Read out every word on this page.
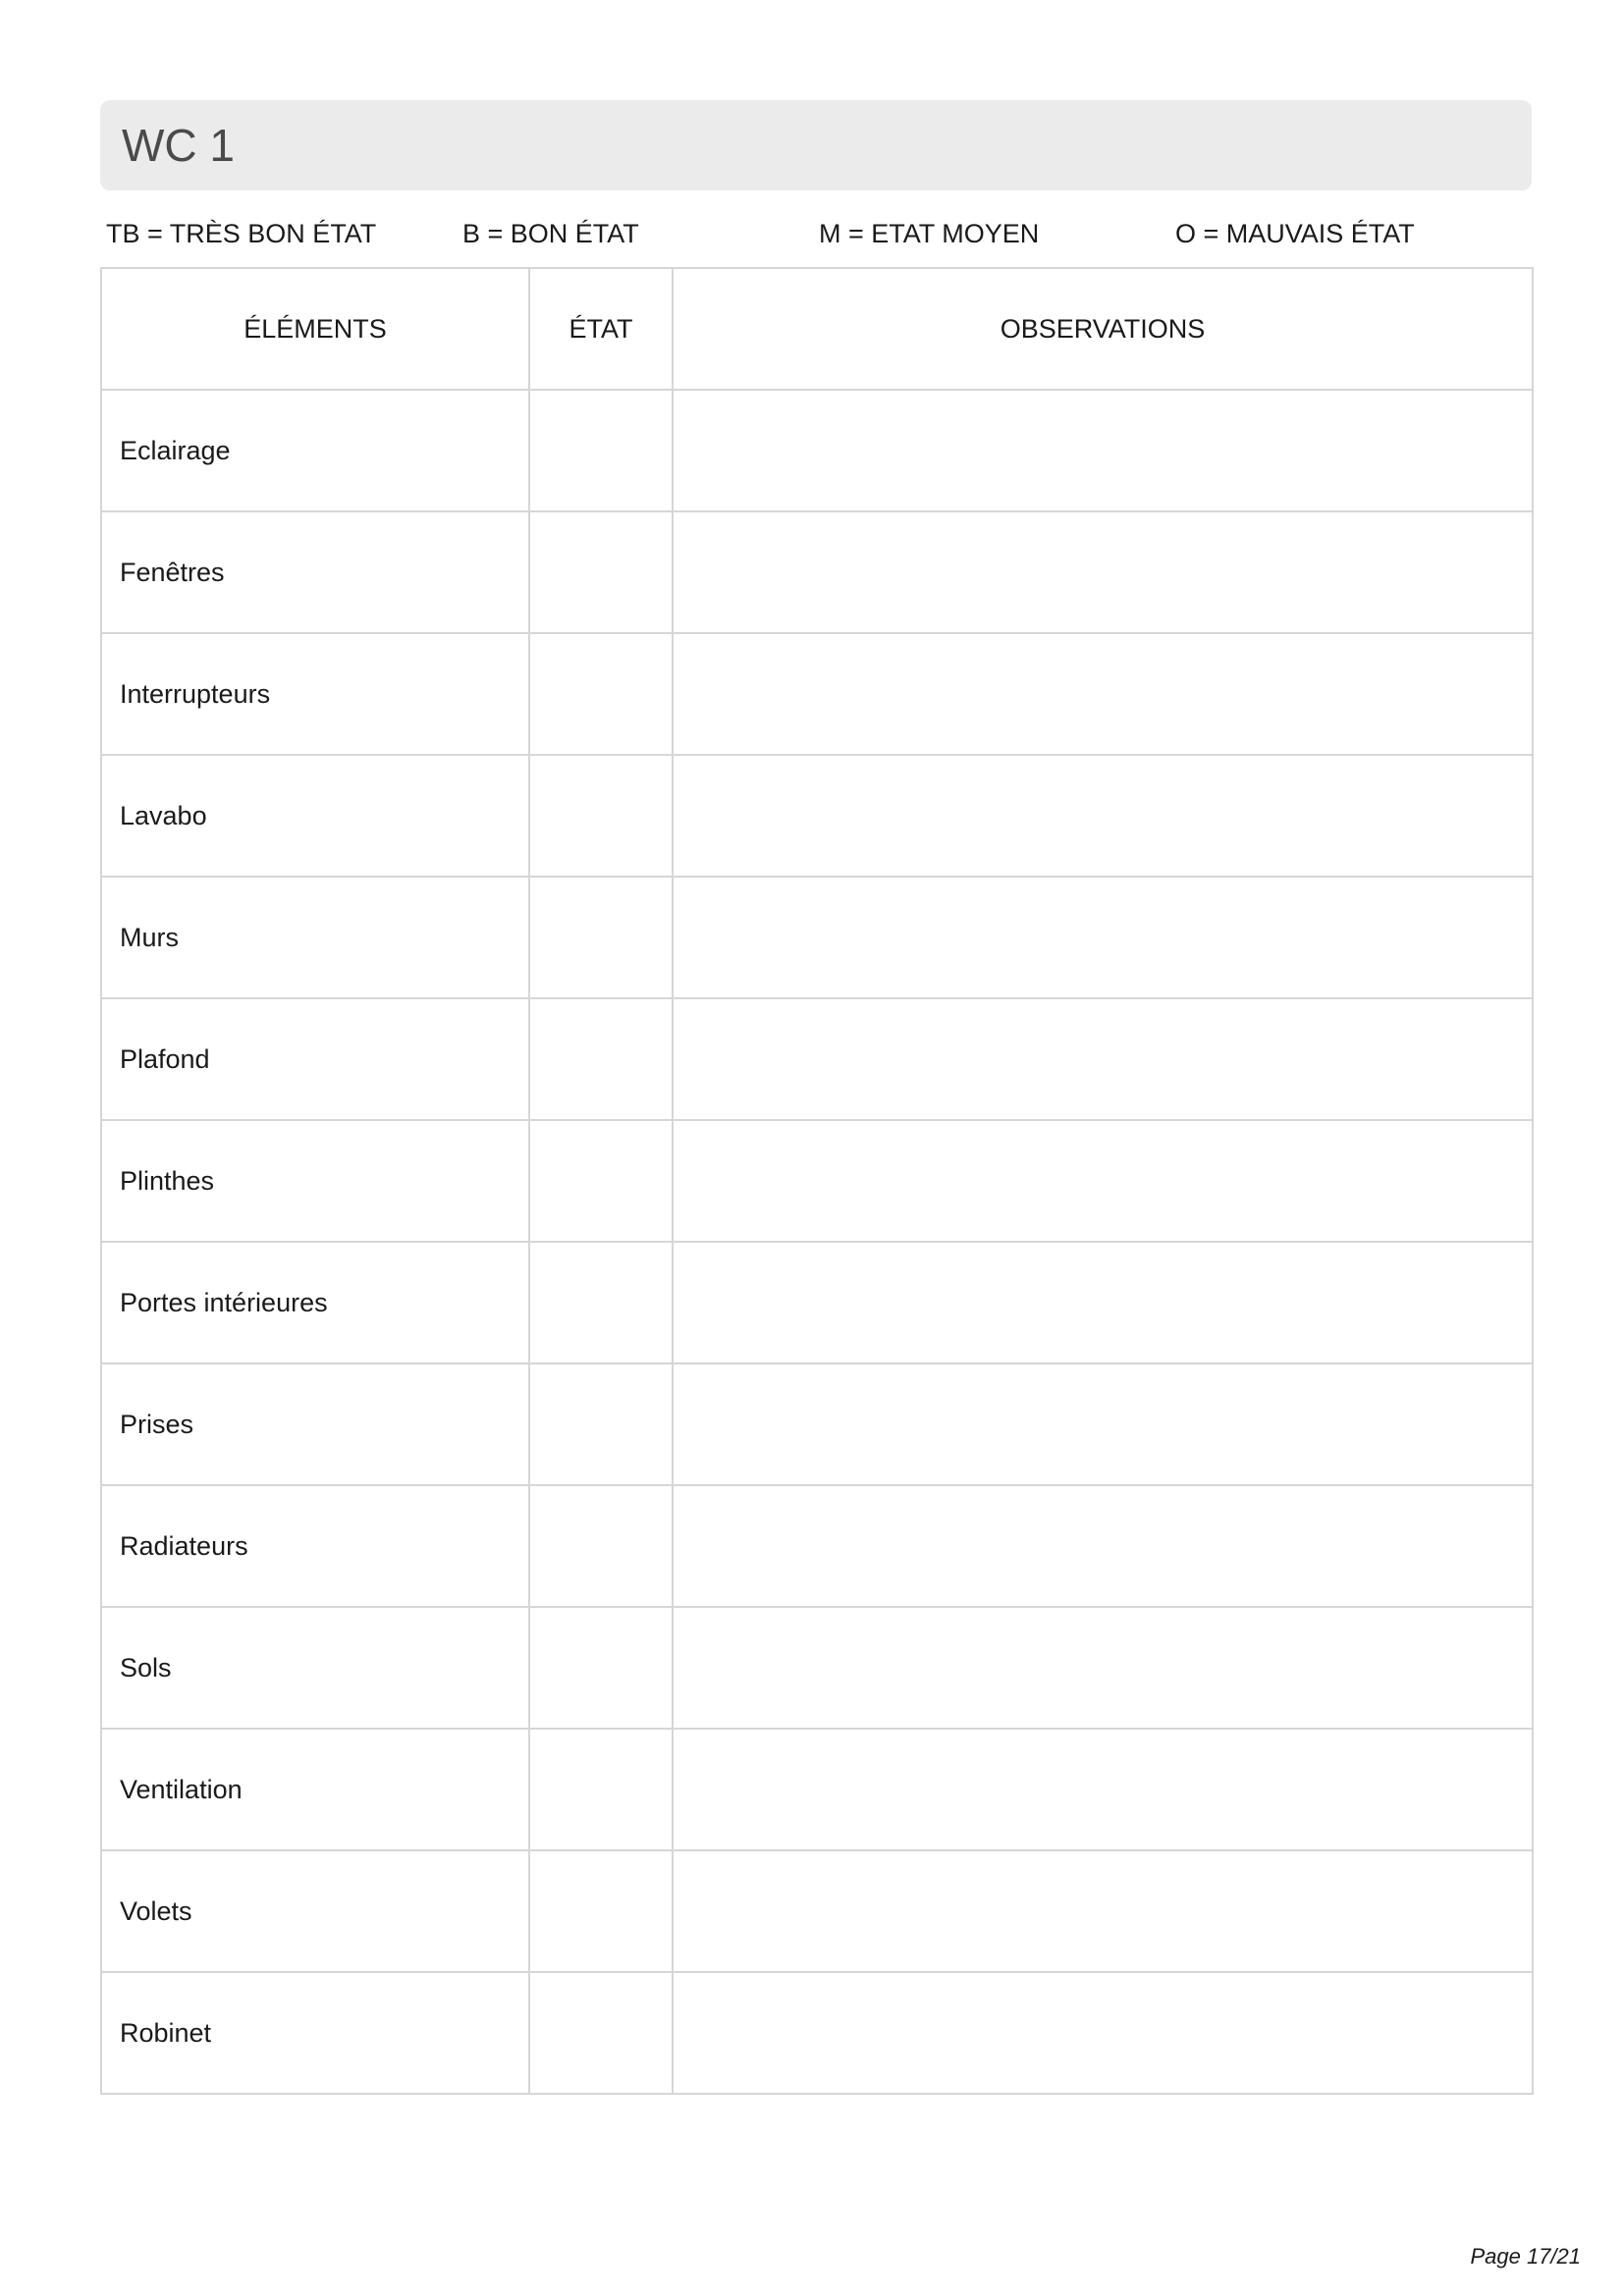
WC 1
TB = TRÈS BON ÉTAT	B = BON ÉTAT	M = ETAT MOYEN	O = MAUVAIS ÉTAT
ÉLÉMENTS	ÉTAT	OBSERVATIONS
Eclairage		
Fenêtres		
Interrupteurs		
Lavabo		
Murs		
Plafond		
Plinthes		
Portes intérieures		
Prises		
Radiateurs		
Sols		
Ventilation		
Volets		
Robinet		
Page 17/21
